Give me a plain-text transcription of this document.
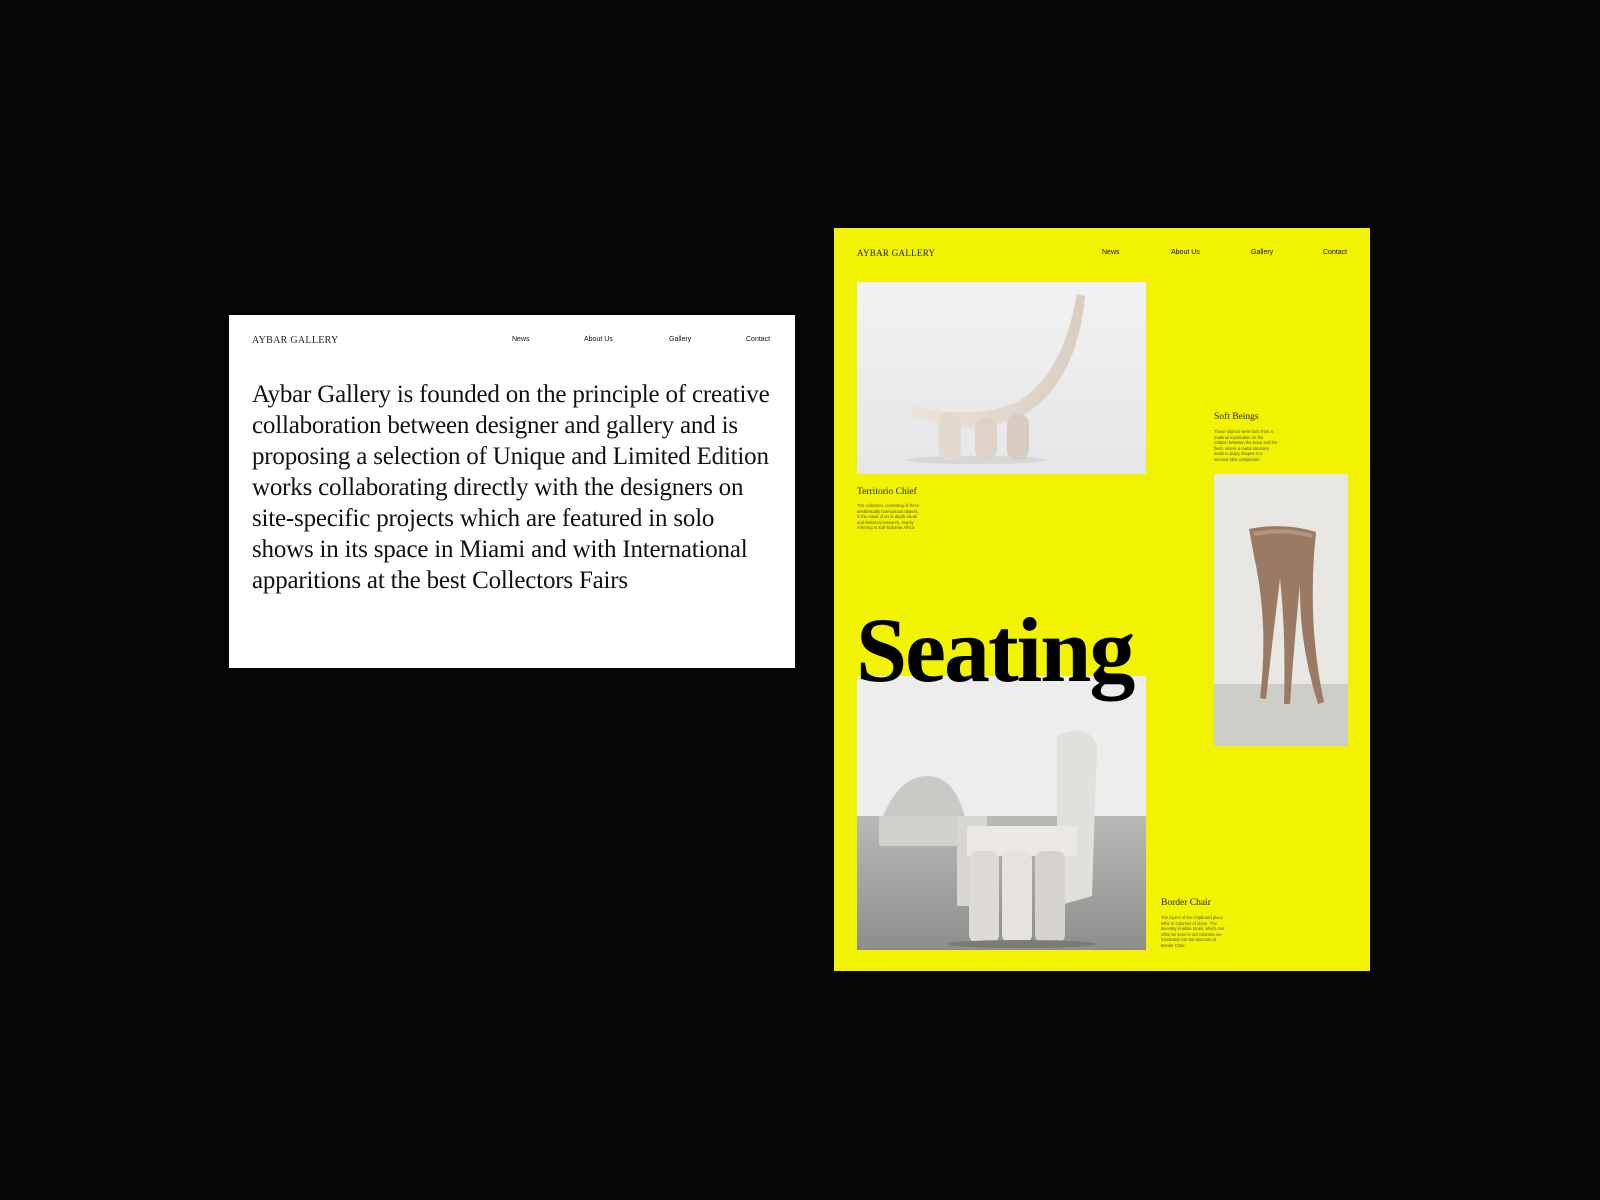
AYBAR GALLERY	News	About Us	Gallery	Contact

Aybar Gallery is founded on the principle of creative collaboration between designer and gallery and is proposing a selection of Unique and Limited Edition works collaborating directly with the designers on site-specific projects which are featured in solo shows in its space in Miami and with International apparitions at the best Collectors Fairs

AYBAR GALLERY	News	About Us	Gallery	Contact
Territorio Chief

The collection, consisting of three aesthetically harmonious objects, is the result of an in-depth visual and historical research, mainly referring to sub-Saharan Africa.

Soft Beings

These objects were born from a material exploration on the relation between the bone and the flesh, where a metal structure leads to pulpy shapes in a sensual skin complexion.

Seating
Border Chair

The layers of the chipboard place leftie to columns of stone. The diversity in white tones, which can often be seen in old columns are translated into the structure of Border Chair.
